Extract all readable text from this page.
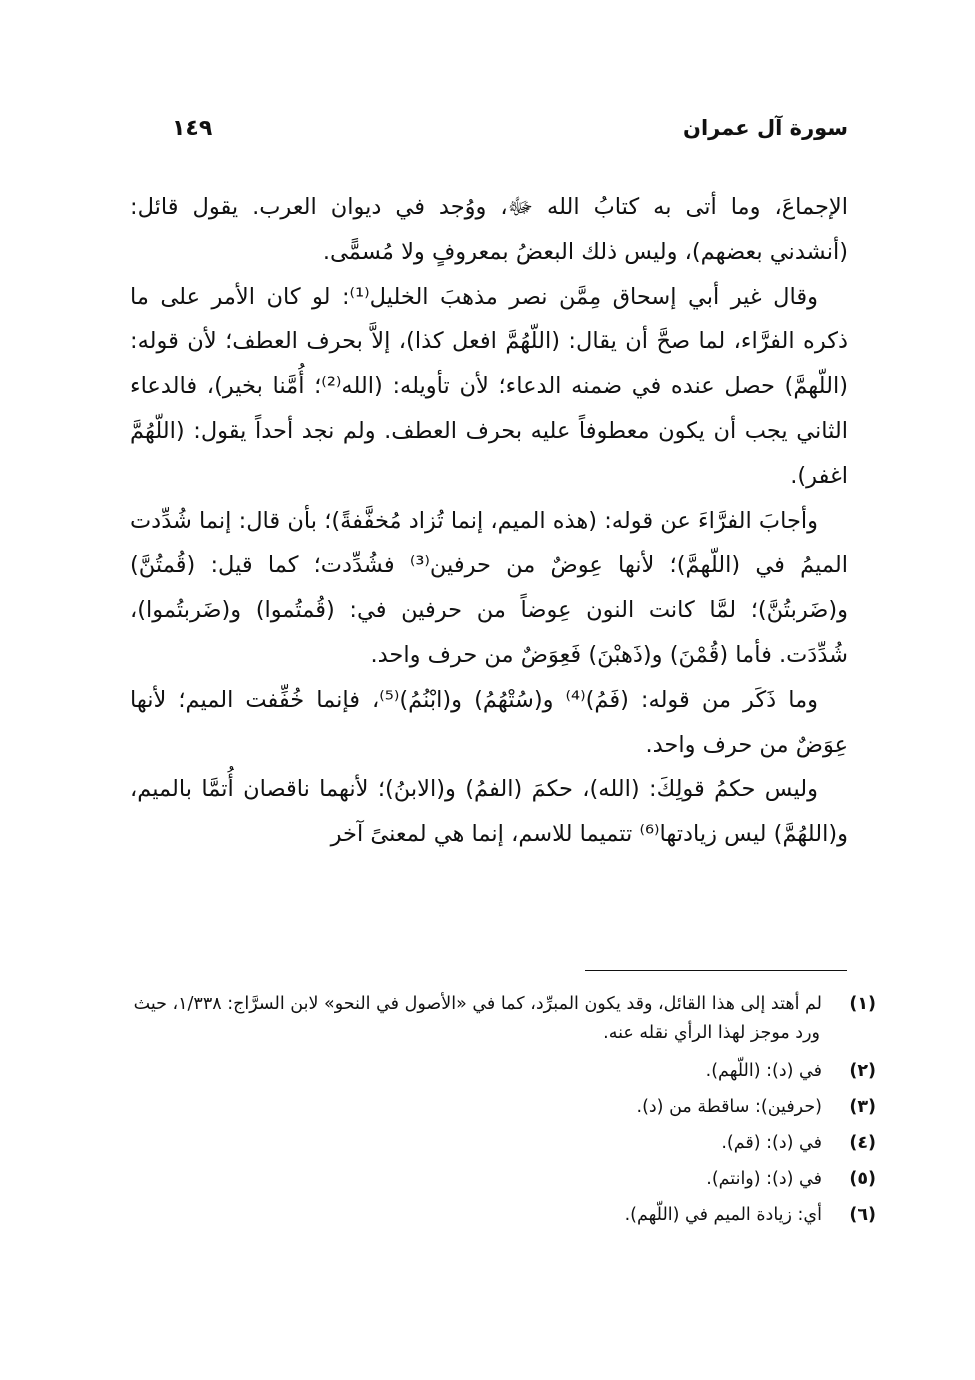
سورة آل عمران
١٤٩

الإجماعَ، وما أتى به كتابُ الله ﷻ، ووُجد في ديوان العرب. يقول قائل: (أنشدني بعضهم)، وليس ذلك البعضُ بمعروفٍ ولا مُسمًّى.

وقال غير أبي إسحاق مِمَّن نصر مذهبَ الخليل⁽¹⁾: لو كان الأمر على ما ذكره الفرَّاء، لما صحَّ أن يقال: (اللّهُمَّ افعل كذا)، إلاَّ بحرف العطف؛ لأن قوله: (اللّهمَّ) حصل عنده في ضمنه الدعاء؛ لأن تأويله: (الله⁽²⁾؛ أُمَّنا بخير)، فالدعاء الثاني يجب أن يكون معطوفاً عليه بحرف العطف. ولم نجد أحداً يقول: (اللّهُمَّ اغفر).

وأجابَ الفرَّاءَ عن قوله: (هذه الميم، إنما تُزاد مُخفَّفةً)؛ بأن قال: إنما شُدِّدت الميمُ في (اللّهمَّ)؛ لأنها عِوضٌ من حرفين⁽³⁾ فشُدِّدت؛ كما قيل: (قُمتُنَّ) و(ضَربتُنَّ)؛ لمَّا كانت النون عِوضاً من حرفين في: (قُمتُموا) و(ضَربتُموا)، شُدِّدَت. فأما (قُمْنَ) و(ذَهبْنَ) فَعِوَضٌ من حرف واحد.

وما ذَكَر من قوله: (فَمُ)⁽⁴⁾ و(سُتْهُمُ) و(ابْنُمُ)⁽⁵⁾، فإنما خُفِّفت الميم؛ لأنها عِوَضٌ من حرف واحد.

وليس حكمُ قولِكَ: (الله)، حكمَ (الفمُ) و(الابنُ)؛ لأنهما ناقصان أُتمَّا بالميم، و(اللهُمَّ) ليس زيادتها⁽⁶⁾ تتميما للاسم، إنما هي لمعنىً آخر

(١)لم أهتد إلى هذا القائل، وقد يكون المبرِّد، كما في «الأصول في النحو» لابن السرَّاج: ١/٣٣٨، حيث ورد موجز لهذا الرأي نقله عنه.
(٢)في (د): (اللّهم).
(٣)(حرفين): ساقطة من (د).
(٤)في (د): (قم).
(٥)في (د): (وانتم).
(٦)أي: زيادة الميم في (اللّهم).
